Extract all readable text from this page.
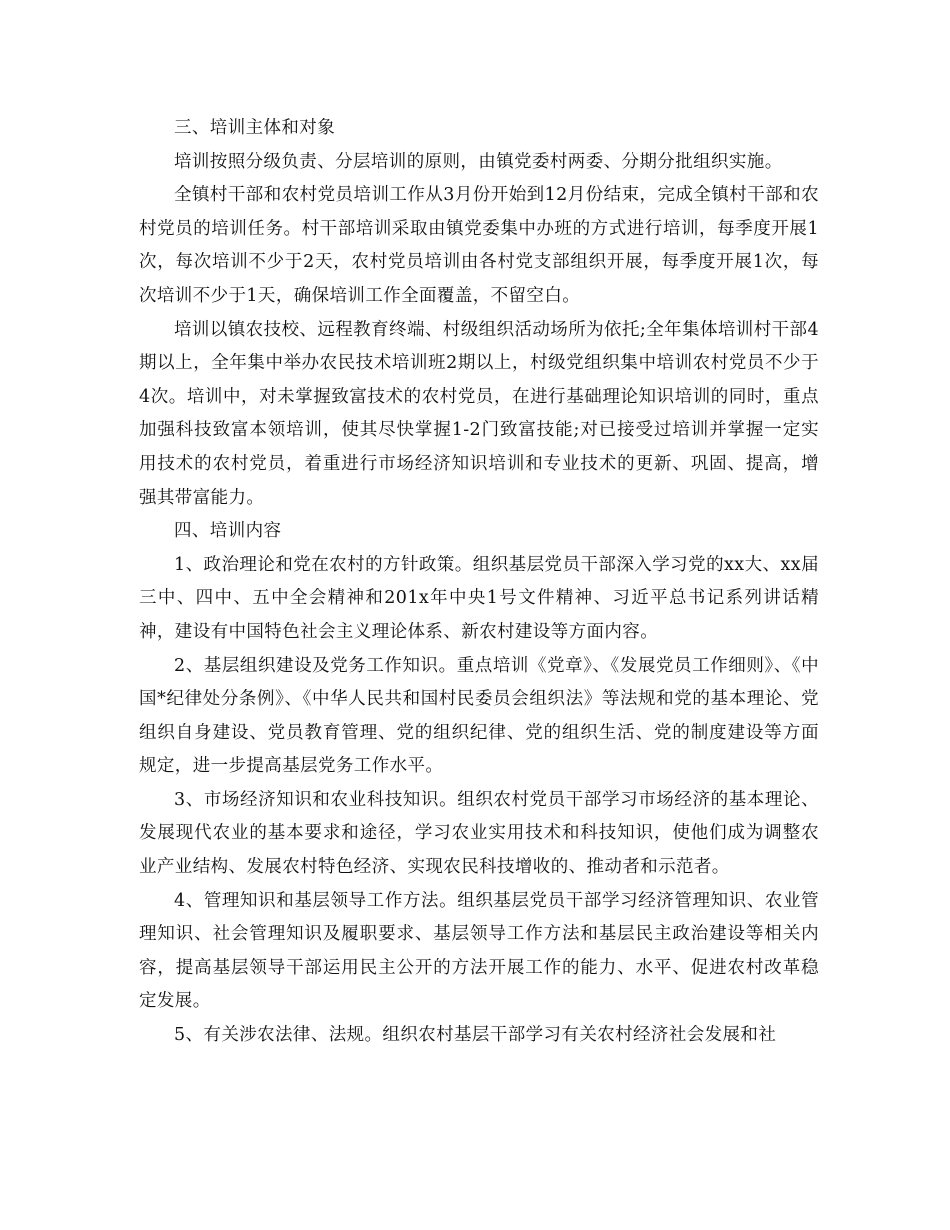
三、培训主体和对象

培训按照分级负责、分层培训的原则，由镇党委村两委、分期分批组织实施。

全镇村干部和农村党员培训工作从3月份开始到12月份结束，完成全镇村干部和农村党员的培训任务。村干部培训采取由镇党委集中办班的方式进行培训，每季度开展1次，每次培训不少于2天，农村党员培训由各村党支部组织开展，每季度开展1次，每次培训不少于1天，确保培训工作全面覆盖，不留空白。

培训以镇农技校、远程教育终端、村级组织活动场所为依托;全年集体培训村干部4期以上，全年集中举办农民技术培训班2期以上，村级党组织集中培训农村党员不少于4次。培训中，对未掌握致富技术的农村党员，在进行基础理论知识培训的同时，重点加强科技致富本领培训，使其尽快掌握1-2门致富技能;对已接受过培训并掌握一定实用技术的农村党员，着重进行市场经济知识培训和专业技术的更新、巩固、提高，增强其带富能力。

四、培训内容

1、政治理论和党在农村的方针政策。组织基层党员干部深入学习党的xx大、xx届三中、四中、五中全会精神和201x年中央1号文件精神、习近平总书记系列讲话精神，建设有中国特色社会主义理论体系、新农村建设等方面内容。

2、基层组织建设及党务工作知识。重点培训《党章》、《发展党员工作细则》、《中国*纪律处分条例》、《中华人民共和国村民委员会组织法》等法规和党的基本理论、党组织自身建设、党员教育管理、党的组织纪律、党的组织生活、党的制度建设等方面规定，进一步提高基层党务工作水平。

3、市场经济知识和农业科技知识。组织农村党员干部学习市场经济的基本理论、发展现代农业的基本要求和途径，学习农业实用技术和科技知识，使他们成为调整农业产业结构、发展农村特色经济、实现农民科技增收的、推动者和示范者。

4、管理知识和基层领导工作方法。组织基层党员干部学习经济管理知识、农业管理知识、社会管理知识及履职要求、基层领导工作方法和基层民主政治建设等相关内容，提高基层领导干部运用民主公开的方法开展工作的能力、水平、促进农村改革稳定发展。

5、有关涉农法律、法规。组织农村基层干部学习有关农村经济社会发展和社
